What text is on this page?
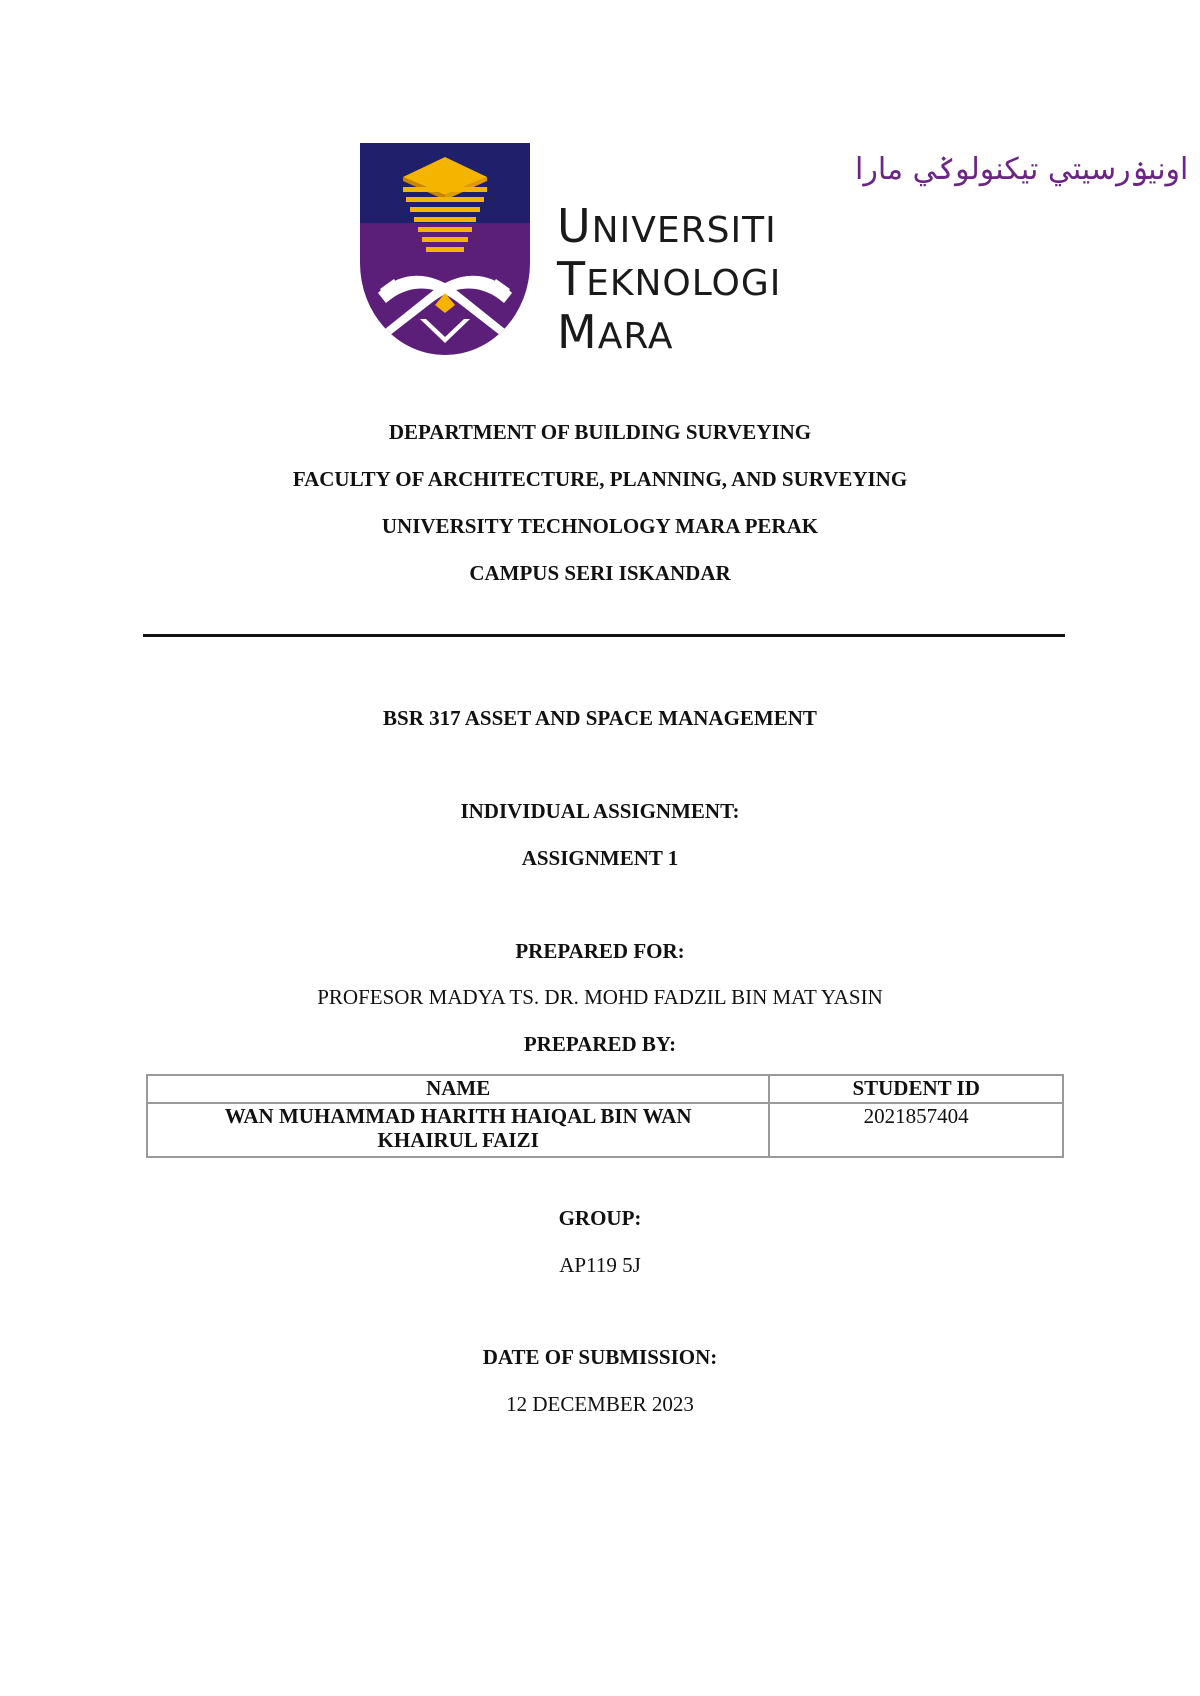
اونيۏرسيتي تيكنولوݢي مارا
UNIVERSITI
TEKNOLOGI
MARA
DEPARTMENT OF BUILDING SURVEYING
FACULTY OF ARCHITECTURE, PLANNING, AND SURVEYING
UNIVERSITY TECHNOLOGY MARA PERAK
CAMPUS SERI ISKANDAR
BSR 317 ASSET AND SPACE MANAGEMENT
INDIVIDUAL ASSIGNMENT:
ASSIGNMENT 1
PREPARED FOR:
PROFESOR MADYA TS. DR. MOHD FADZIL BIN MAT YASIN
PREPARED BY:
NAME	STUDENT ID

WAN MUHAMMAD HARITH HAIQAL BIN WAN
KHAIRUL FAIZI	2021857404
GROUP:
AP119 5J
DATE OF SUBMISSION:
12 DECEMBER 2023
